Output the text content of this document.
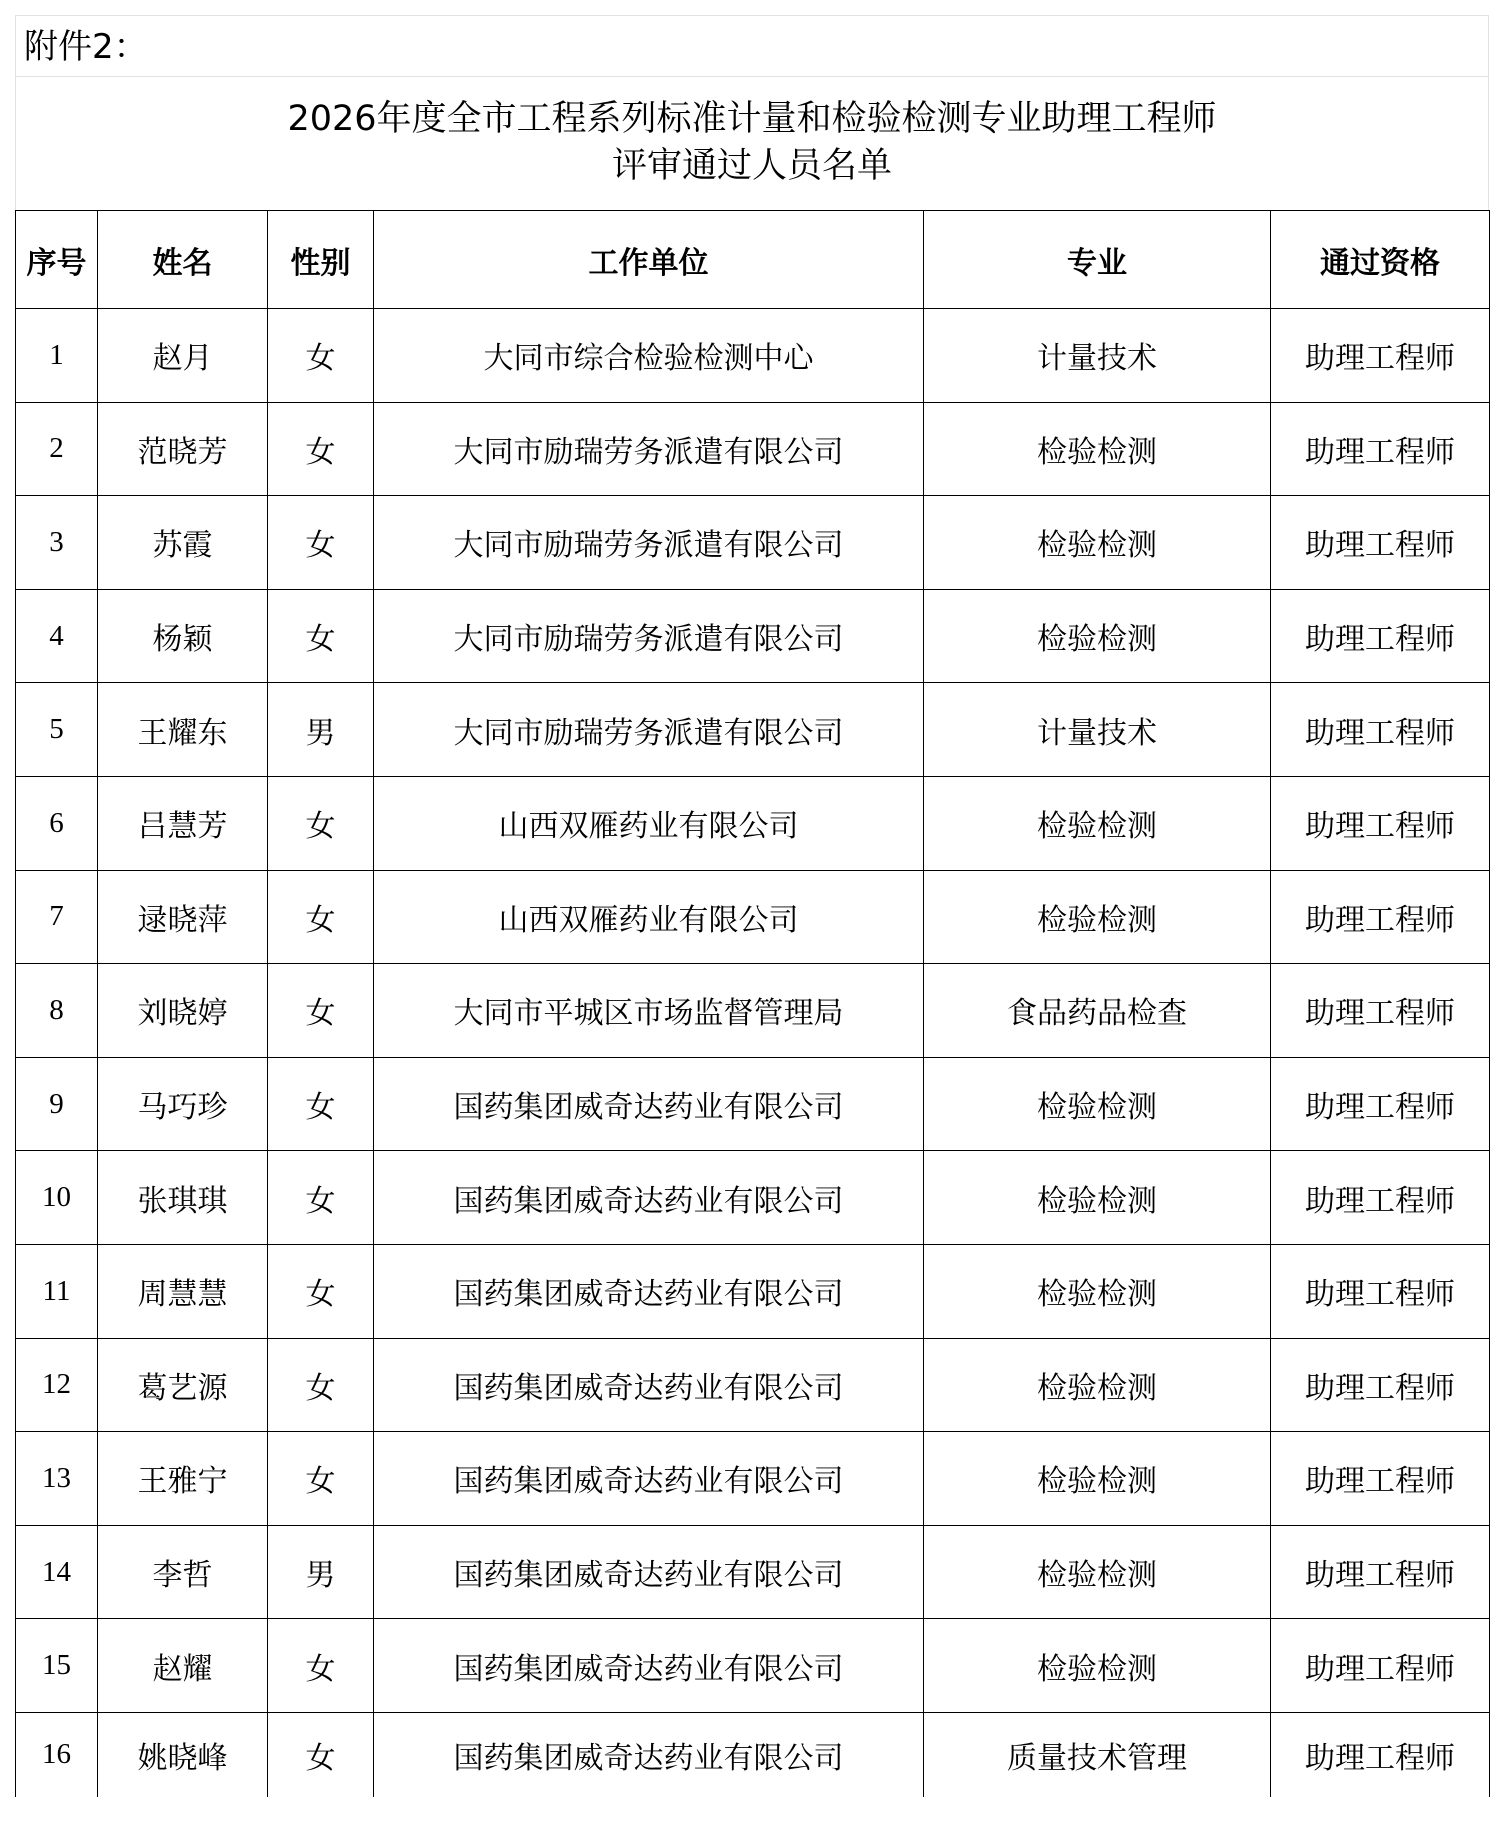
附件2：
2026年度全市工程系列标准计量和检验检测专业助理工程师
评审通过人员名单
序号	姓名	性别	工作单位	专业	通过资格
1	赵月	女	大同市综合检验检测中心	计量技术	助理工程师
2	范晓芳	女	大同市励瑞劳务派遣有限公司	检验检测	助理工程师
3	苏霞	女	大同市励瑞劳务派遣有限公司	检验检测	助理工程师
4	杨颖	女	大同市励瑞劳务派遣有限公司	检验检测	助理工程师
5	王耀东	男	大同市励瑞劳务派遣有限公司	计量技术	助理工程师
6	吕慧芳	女	山西双雁药业有限公司	检验检测	助理工程师
7	逯晓萍	女	山西双雁药业有限公司	检验检测	助理工程师
8	刘晓婷	女	大同市平城区市场监督管理局	食品药品检查	助理工程师
9	马巧珍	女	国药集团威奇达药业有限公司	检验检测	助理工程师
10	张琪琪	女	国药集团威奇达药业有限公司	检验检测	助理工程师
11	周慧慧	女	国药集团威奇达药业有限公司	检验检测	助理工程师
12	葛艺源	女	国药集团威奇达药业有限公司	检验检测	助理工程师
13	王雅宁	女	国药集团威奇达药业有限公司	检验检测	助理工程师
14	李哲	男	国药集团威奇达药业有限公司	检验检测	助理工程师
15	赵耀	女	国药集团威奇达药业有限公司	检验检测	助理工程师
16	姚晓峰	女	国药集团威奇达药业有限公司	质量技术管理	助理工程师
